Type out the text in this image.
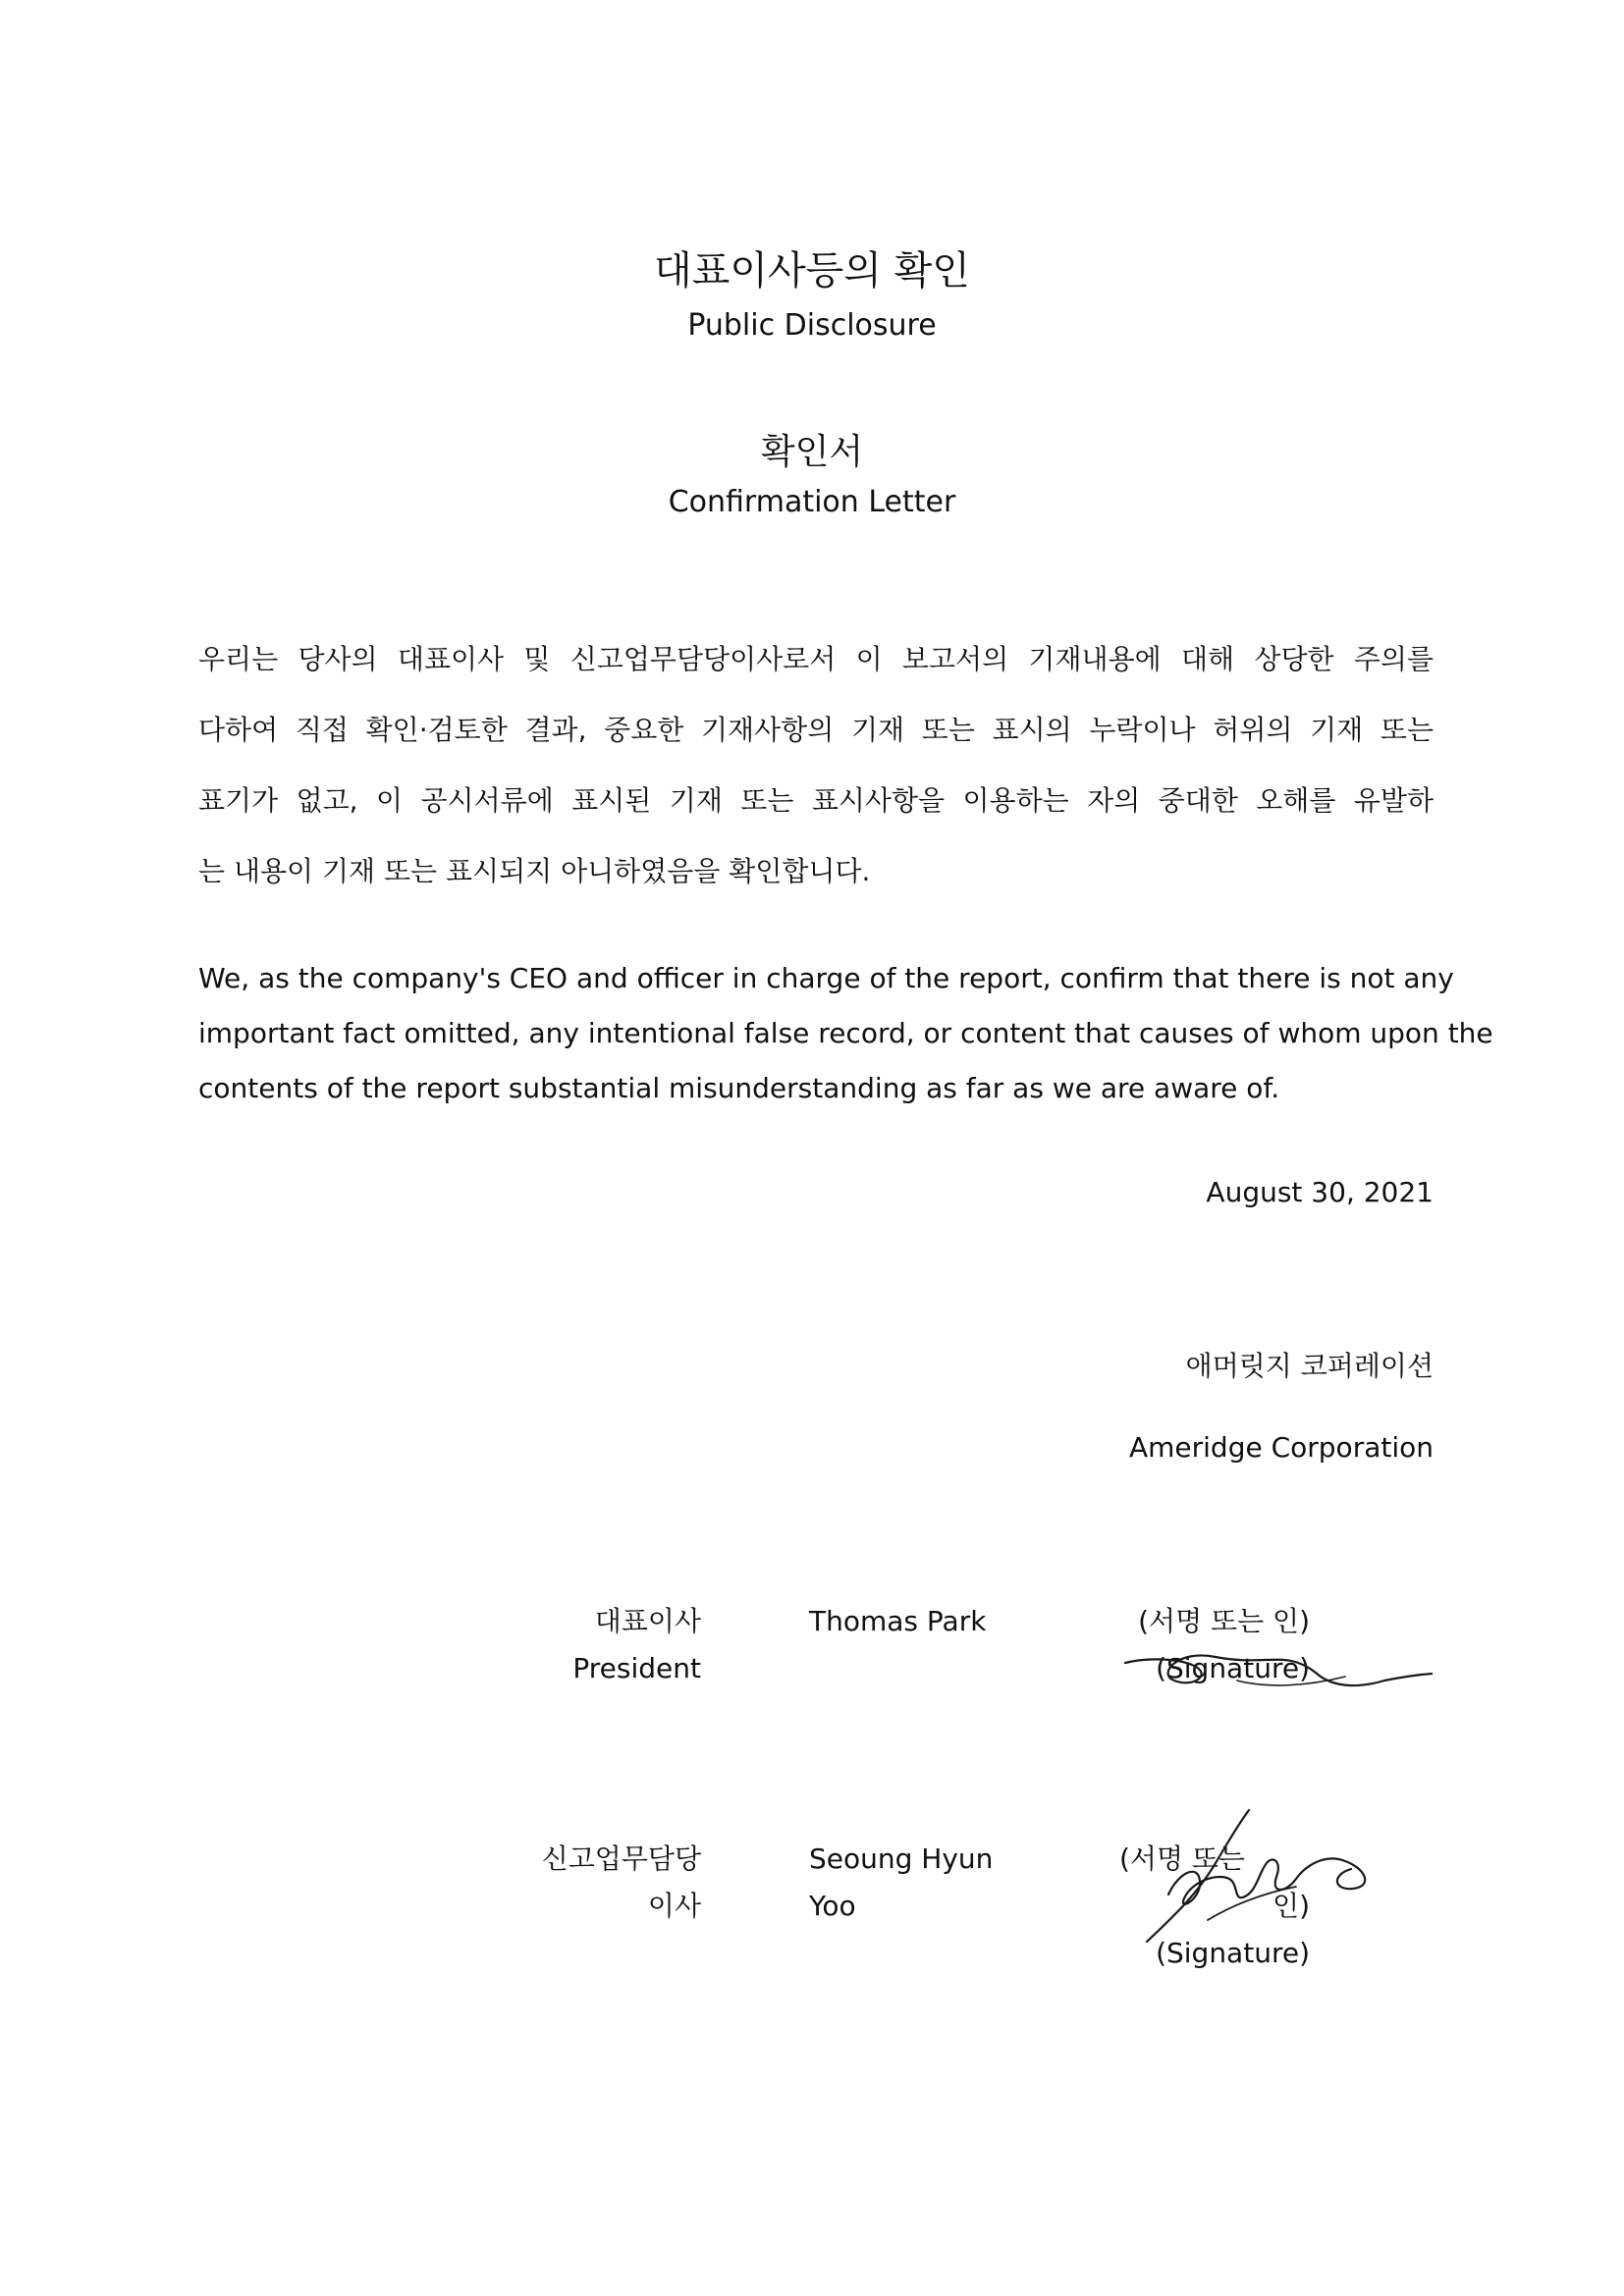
대표이사등의 확인
Public Disclosure
확인서
Confirmation Letter
우리는 당사의 대표이사 및 신고업무담당이사로서 이 보고서의 기재내용에 대해 상당한 주의를
다하여 직접 확인·검토한 결과, 중요한 기재사항의 기재 또는 표시의 누락이나 허위의 기재 또는
표기가 없고, 이 공시서류에 표시된 기재 또는 표시사항을 이용하는 자의 중대한 오해를 유발하
는 내용이 기재 또는 표시되지 아니하였음을 확인합니다.
We, as the company's CEO and officer in charge of the report, confirm that there is not any
important fact omitted, any intentional false record, or content that causes of whom upon the
contents of the report substantial misunderstanding as far as we are aware of.
August 30, 2021
애머릿지 코퍼레이션
Ameridge Corporation
대표이사
President
Thomas Park	(서명 또는 인)
(Signature)
신고업무담당
이사
Seoung Hyun
Yoo
(서명 또는
인)
(Signature)
